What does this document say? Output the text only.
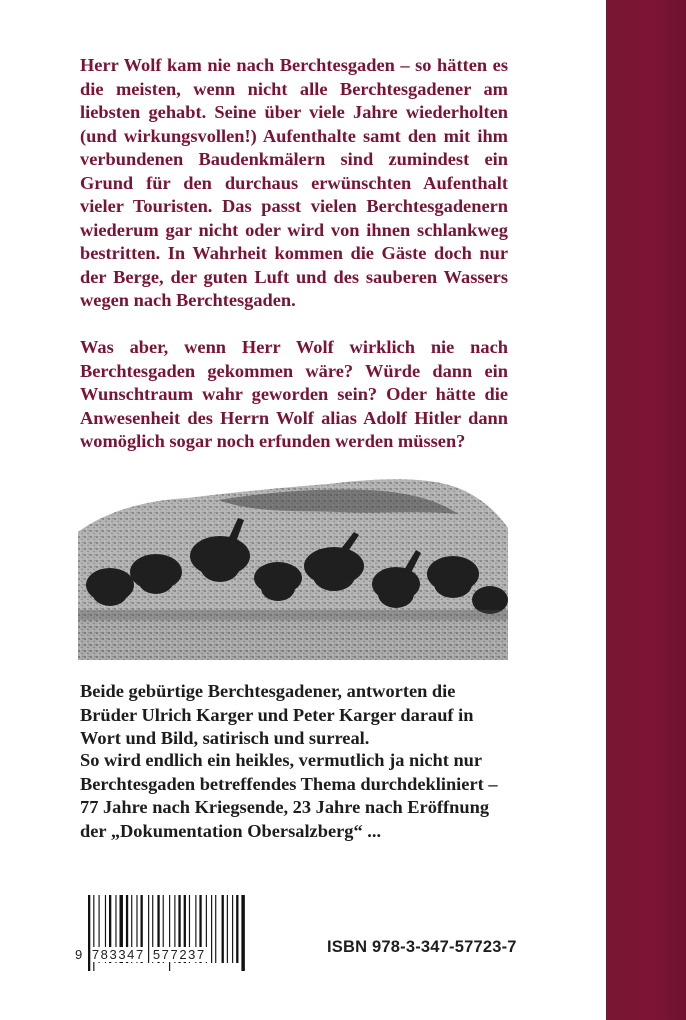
Herr Wolf kam nie nach Berchtesgaden – so hätten es die meisten, wenn nicht alle Berchtesgadener am liebsten gehabt. Seine über viele Jahre wiederholten (und wirkungsvollen!) Aufenthalte samt den mit ihm verbundenen Baudenkmälern sind zumindest ein Grund für den durchaus erwünschten Aufenthalt vieler Touristen. Das passt vielen Berchtesgadenern wiederum gar nicht oder wird von ihnen schlankweg bestritten. In Wahrheit kommen die Gäste doch nur der Berge, der guten Luft und des sauberen Wassers wegen nach Berchtesgaden.
Was aber, wenn Herr Wolf wirklich nie nach Berchtesgaden gekommen wäre? Würde dann ein Wunschtraum wahr geworden sein? Oder hätte die Anwesenheit des Herrn Wolf alias Adolf Hitler dann womöglich sogar noch erfunden werden müssen?
Beide gebürtige Berchtesgadener, antworten die Brüder Ulrich Karger und Peter Karger darauf in Wort und Bild, satirisch und surreal.
So wird endlich ein heikles, vermutlich ja nicht nur Berchtesgaden betreffendes Thema durchdekliniert – 77 Jahre nach Kriegsende, 23 Jahre nach Eröffnung der „Dokumentation Obersalzberg“ ...
9 783347 577237	ISBN 978-3-347-57723-7
